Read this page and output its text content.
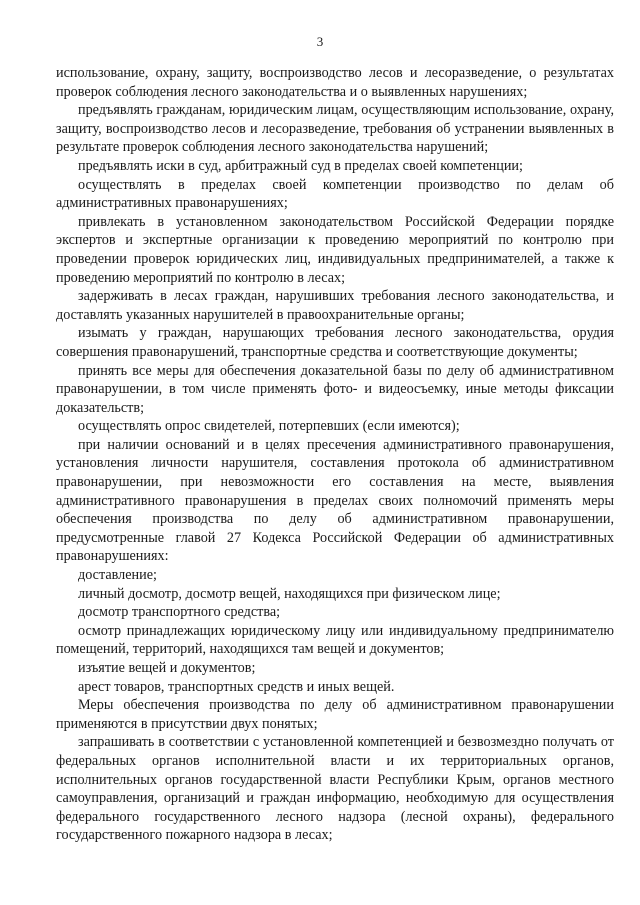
3

использование, охрану, защиту, воспроизводство лесов и лесоразведение, о результатах проверок соблюдения лесного законодательства и о выявленных нарушениях;

предъявлять гражданам, юридическим лицам, осуществляющим использование, охрану, защиту, воспроизводство лесов и лесоразведение, требования об устранении выявленных в результате проверок соблюдения лесного законодательства нарушений;

предъявлять иски в суд, арбитражный суд в пределах своей компетенции;

осуществлять в пределах своей компетенции производство по делам об административных правонарушениях;

привлекать в установленном законодательством Российской Федерации порядке экспертов и экспертные организации к проведению мероприятий по контролю при проведении проверок юридических лиц, индивидуальных предпринимателей, а также к проведению мероприятий по контролю в лесах;

задерживать в лесах граждан, нарушивших требования лесного законодательства, и доставлять указанных нарушителей в правоохранительные органы;

изымать у граждан, нарушающих требования лесного законодательства, орудия совершения правонарушений, транспортные средства и соответствующие документы;

принять все меры для обеспечения доказательной базы по делу об административном правонарушении, в том числе применять фото- и видеосъемку, иные методы фиксации доказательств;

осуществлять опрос свидетелей, потерпевших (если имеются);

при наличии оснований и в целях пресечения административного правонарушения, установления личности нарушителя, составления протокола об административном правонарушении, при невозможности его составления на месте, выявления административного правонарушения в пределах своих полномочий применять меры обеспечения производства по делу об административном правонарушении, предусмотренные главой 27 Кодекса Российской Федерации об административных правонарушениях:

доставление;

личный досмотр, досмотр вещей, находящихся при физическом лице;

досмотр транспортного средства;

осмотр принадлежащих юридическому лицу или индивидуальному предпринимателю помещений, территорий, находящихся там вещей и документов;

изъятие вещей и документов;

арест товаров, транспортных средств и иных вещей.

Меры обеспечения производства по делу об административном правонарушении применяются в присутствии двух понятых;

запрашивать в соответствии с установленной компетенцией и безвозмездно получать от федеральных органов исполнительной власти и их территориальных органов, исполнительных органов государственной власти Республики Крым, органов местного самоуправления, организаций и граждан информацию, необходимую для осуществления федерального государственного лесного надзора (лесной охраны), федерального государственного пожарного надзора в лесах;
